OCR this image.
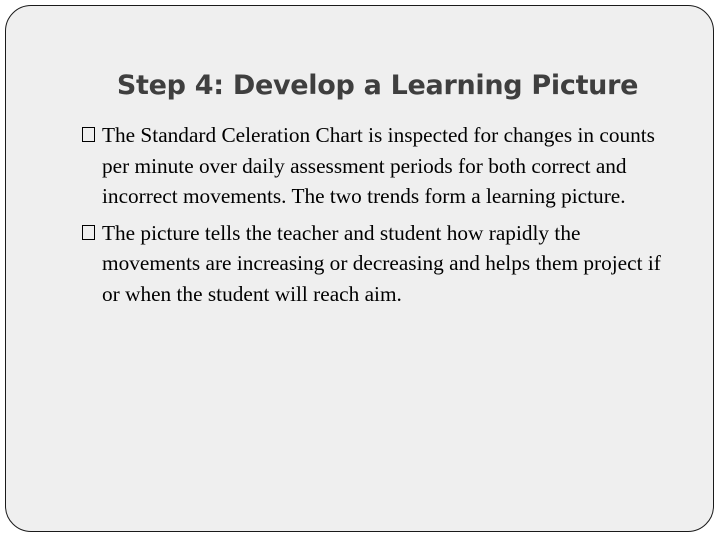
Step 4: Develop a Learning Picture
The Standard Celeration Chart is inspected for changes in counts per minute over daily assessment periods for both correct and incorrect movements. The two trends form a learning picture.
The picture tells the teacher and student how rapidly the movements are increasing or decreasing and helps them project if or when the student will reach aim.
